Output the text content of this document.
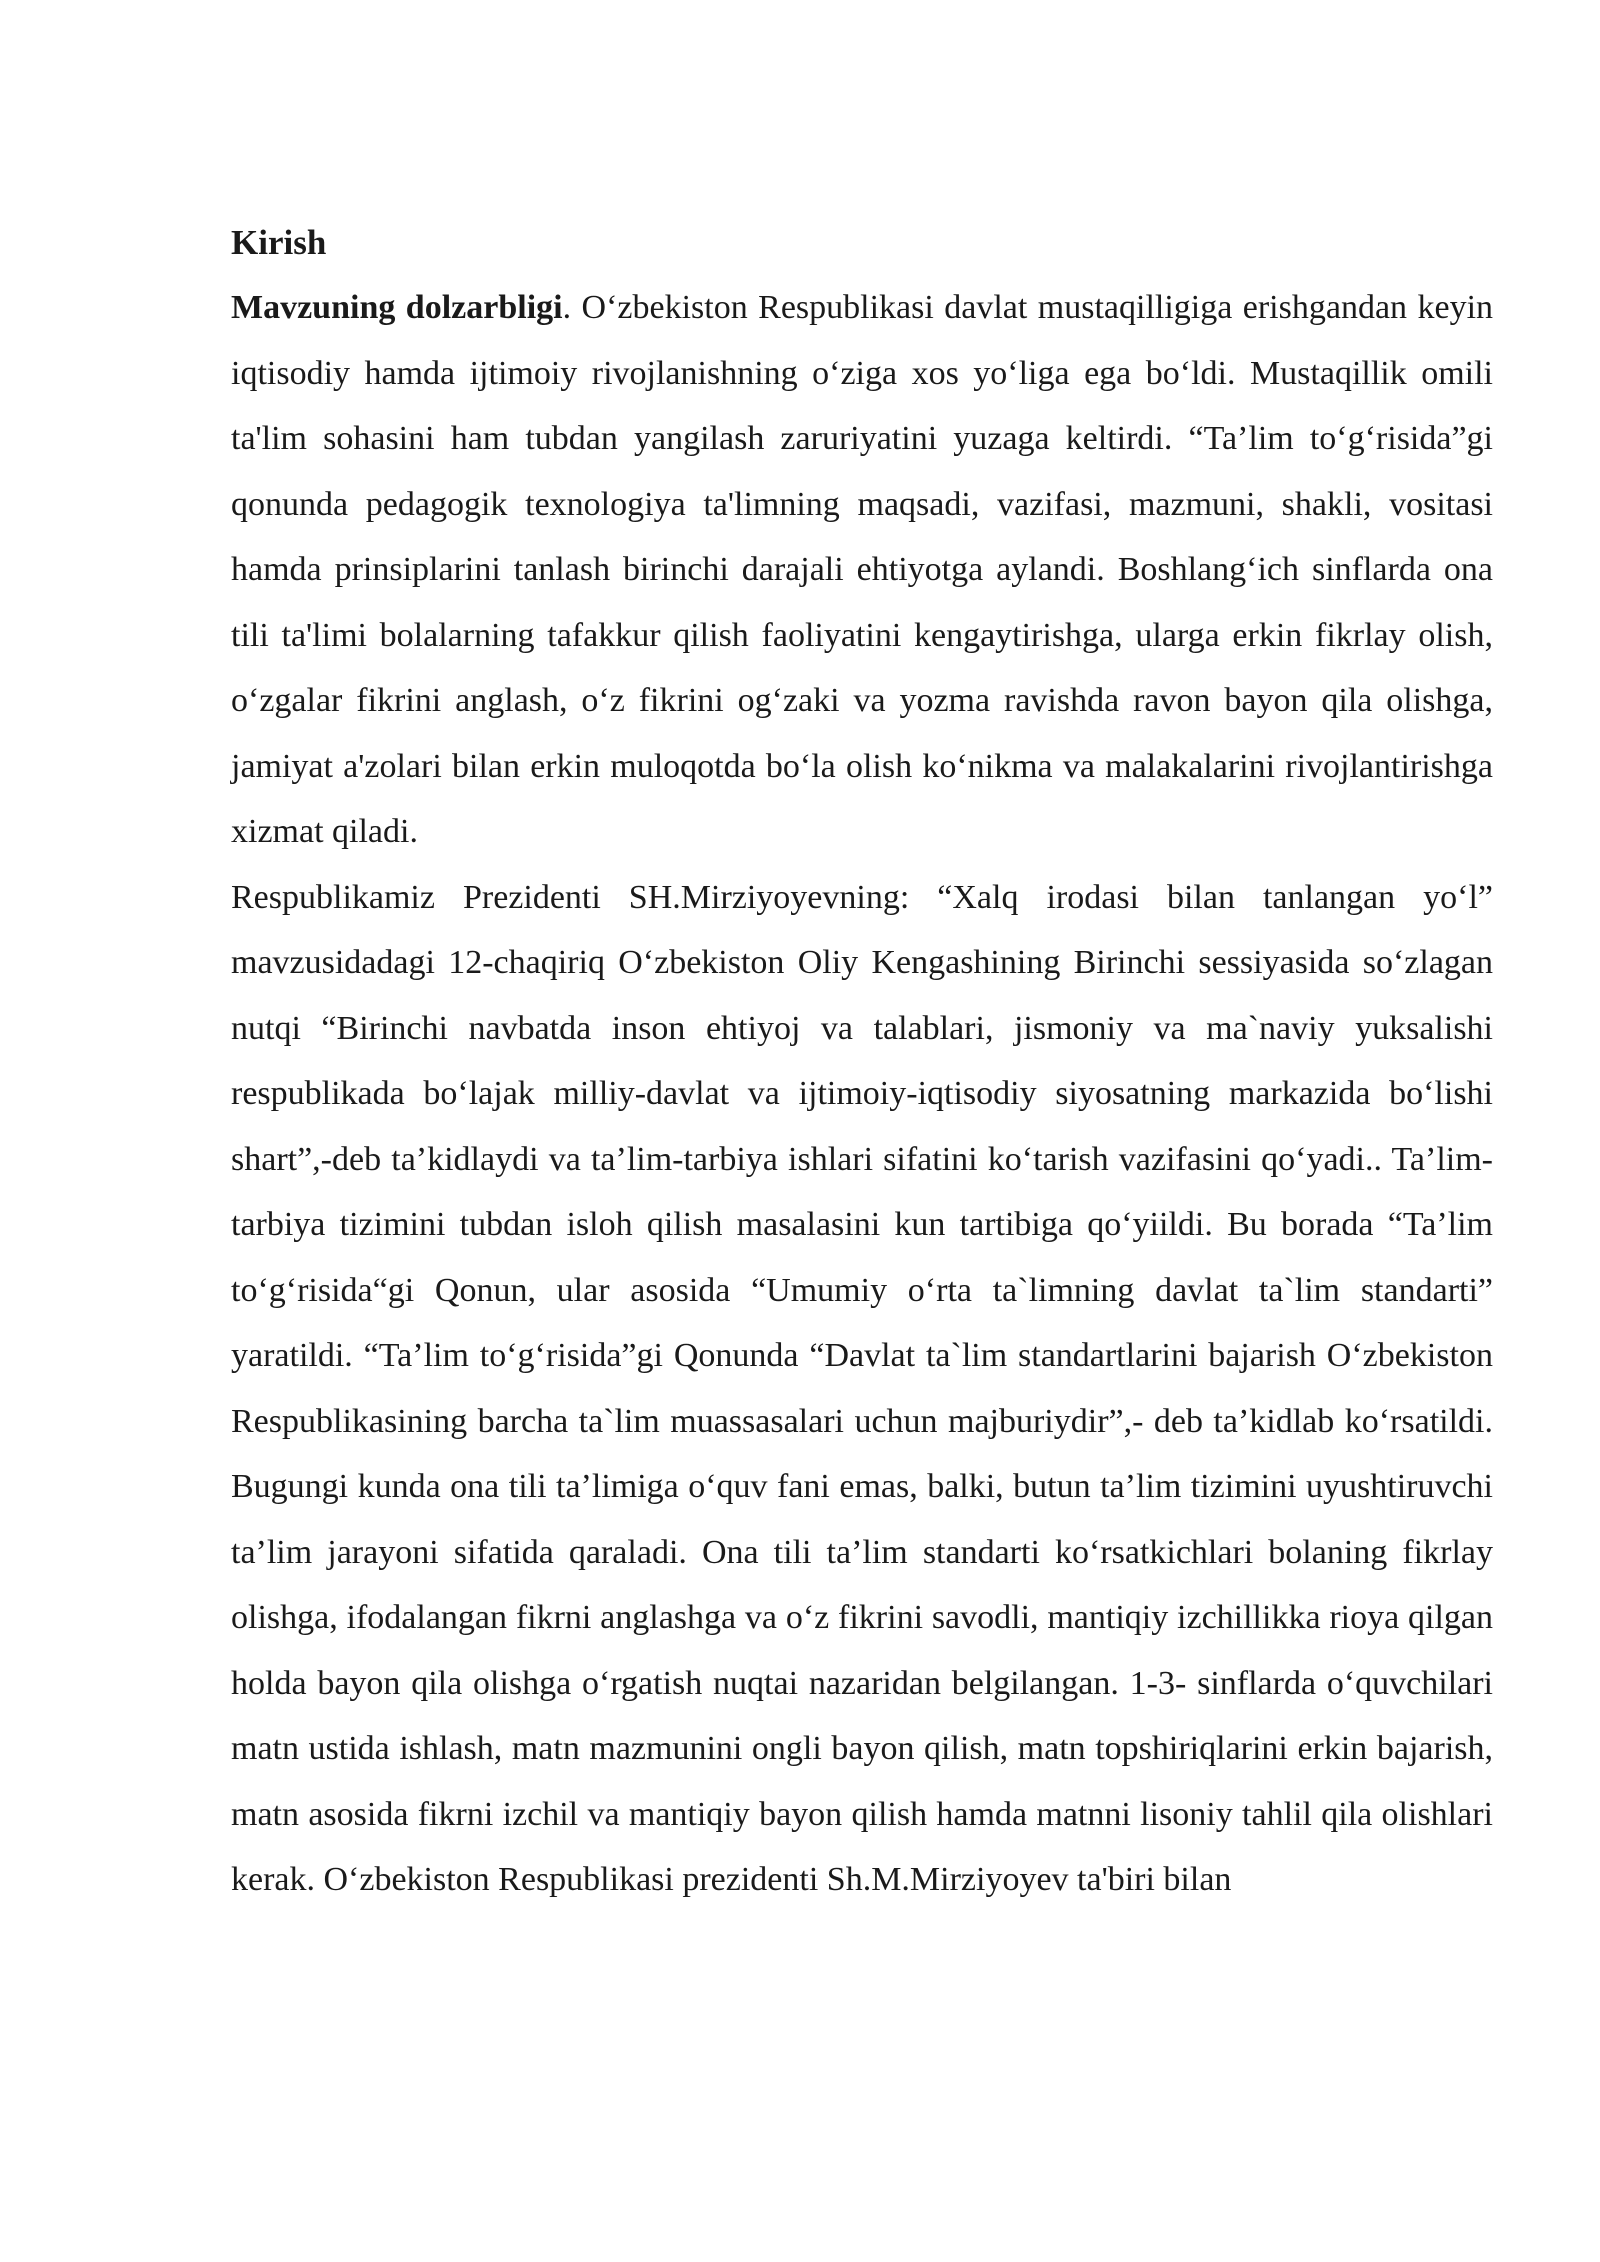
Kirish

Mavzuning dolzarbligi. O‘zbekiston Respublikasi davlat mustaqilligiga erishgandan keyin iqtisodiy hamda ijtimoiy rivojlanishning o‘ziga xos yo‘liga ega bo‘ldi. Mustaqillik omili ta'lim sohasini ham tubdan yangilash zaruriyatini yuzaga keltirdi. “Ta’lim to‘g‘risida”gi qonunda pedagogik texnologiya ta'limning maqsadi, vazifasi, mazmuni, shakli, vositasi hamda prinsiplarini tanlash birinchi darajali ehtiyotga aylandi. Boshlang‘ich sinflarda ona tili ta'limi bolalarning tafakkur qilish faoliyatini kengaytirishga, ularga erkin fikrlay olish, o‘zgalar fikrini anglash, o‘z fikrini og‘zaki va yozma ravishda ravon bayon qila olishga, jamiyat a'zolari bilan erkin muloqotda bo‘la olish ko‘nikma va malakalarini rivojlantirishga xizmat qiladi.

Respublikamiz Prezidenti SH.Mirziyoyevning: “Xalq irodasi bilan tanlangan yo‘l” mavzusidadagi 12-chaqiriq O‘zbekiston Oliy Kengashining Birinchi sessiyasida so‘zlagan nutqi “Birinchi navbatda inson ehtiyoj va talablari, jismoniy va ma`naviy yuksalishi respublikada bo‘lajak milliy-davlat va ijtimoiy-iqtisodiy siyosatning markazida bo‘lishi shart”,-deb ta’kidlaydi va ta’lim-tarbiya ishlari sifatini ko‘tarish vazifasini qo‘yadi.. Ta’lim-tarbiya tizimini tubdan isloh qilish masalasini kun tartibiga qo‘yiildi. Bu borada “Ta’lim to‘g‘risida“gi Qonun, ular asosida “Umumiy o‘rta ta`limning davlat ta`lim standarti” yaratildi. “Ta’lim to‘g‘risida”gi Qonunda “Davlat ta`lim standartlarini bajarish O‘zbekiston Respublikasining barcha ta`lim muassasalari uchun majburiydir”,- deb ta’kidlab ko‘rsatildi. Bugungi kunda ona tili ta’limiga o‘quv fani emas, balki, butun ta’lim tizimini uyushtiruvchi ta’lim jarayoni sifatida qaraladi. Ona tili ta’lim standarti ko‘rsatkichlari bolaning fikrlay olishga, ifodalangan fikrni anglashga va o‘z fikrini savodli, mantiqiy izchillikka rioya qilgan holda bayon qila olishga o‘rgatish nuqtai nazaridan belgilangan. 1-3- sinflarda o‘quvchilari matn ustida ishlash, matn mazmunini ongli bayon qilish, matn topshiriqlarini erkin bajarish, matn asosida fikrni izchil va mantiqiy bayon qilish hamda matnni lisoniy tahlil qila olishlari kerak. O‘zbekiston Respublikasi prezidenti Sh.M.Mirziyoyev ta'biri bilan
